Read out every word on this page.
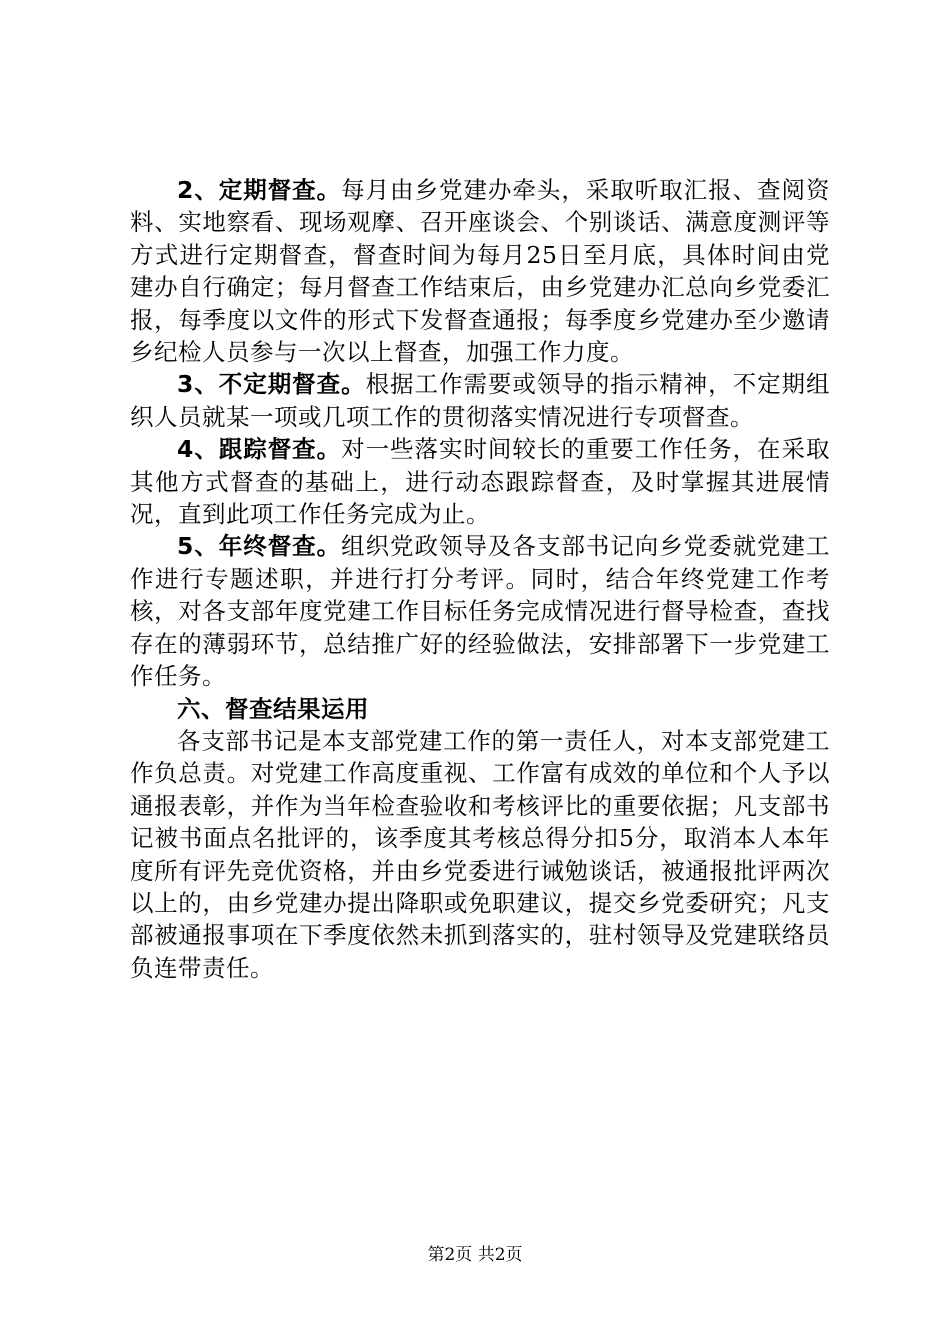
2、定期督查。每月由乡党建办牵头，采取听取汇报、查阅资料、实地察看、现场观摩、召开座谈会、个别谈话、满意度测评等方式进行定期督查，督查时间为每月25日至月底，具体时间由党建办自行确定；每月督查工作结束后，由乡党建办汇总向乡党委汇报，每季度以文件的形式下发督查通报；每季度乡党建办至少邀请乡纪检人员参与一次以上督查，加强工作力度。

3、不定期督查。根据工作需要或领导的指示精神，不定期组织人员就某一项或几项工作的贯彻落实情况进行专项督查。

4、跟踪督查。对一些落实时间较长的重要工作任务，在采取其他方式督查的基础上，进行动态跟踪督查，及时掌握其进展情况，直到此项工作任务完成为止。

5、年终督查。组织党政领导及各支部书记向乡党委就党建工作进行专题述职，并进行打分考评。同时，结合年终党建工作考核，对各支部年度党建工作目标任务完成情况进行督导检查，查找存在的薄弱环节，总结推广好的经验做法，安排部署下一步党建工作任务。

六、督查结果运用

各支部书记是本支部党建工作的第一责任人，对本支部党建工作负总责。对党建工作高度重视、工作富有成效的单位和个人予以通报表彰，并作为当年检查验收和考核评比的重要依据；凡支部书记被书面点名批评的，该季度其考核总得分扣5分，取消本人本年度所有评先竞优资格，并由乡党委进行诫勉谈话，被通报批评两次以上的，由乡党建办提出降职或免职建议，提交乡党委研究；凡支部被通报事项在下季度依然未抓到落实的，驻村领导及党建联络员负连带责任。

第2页 共2页
